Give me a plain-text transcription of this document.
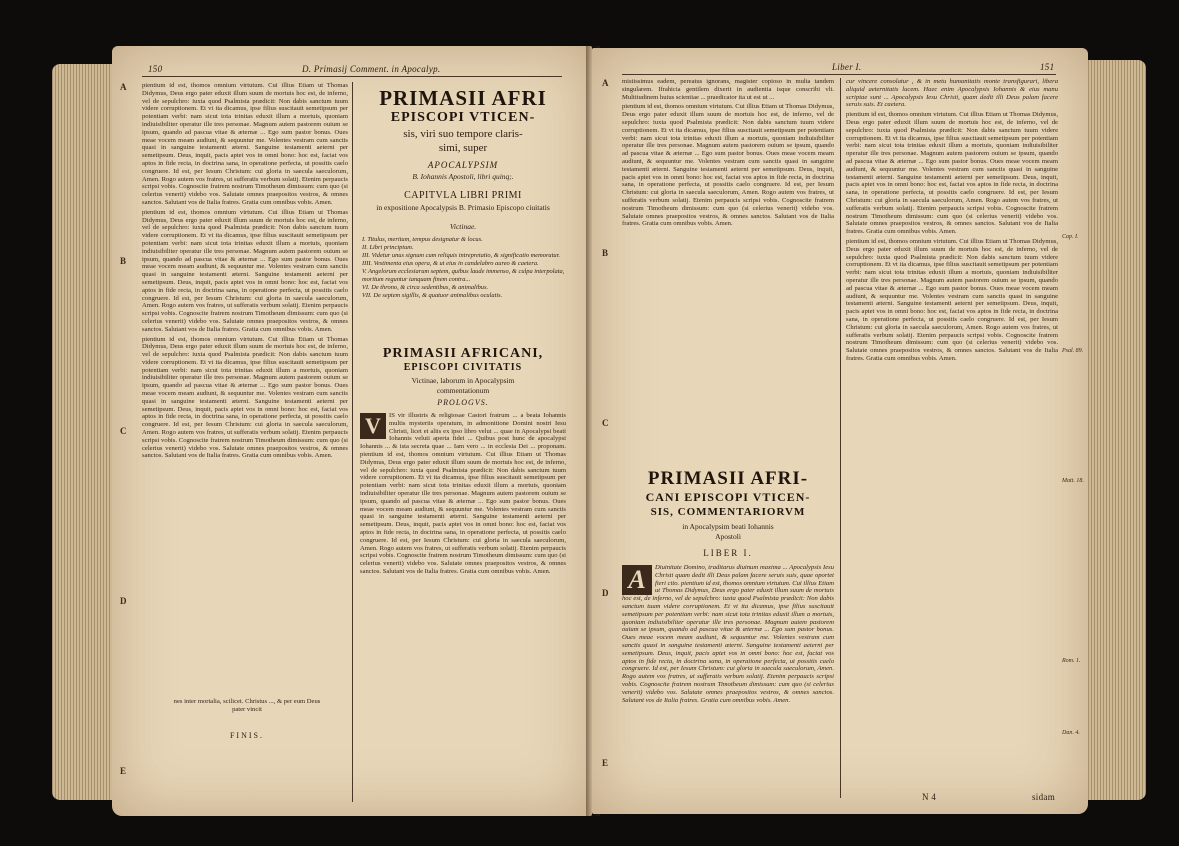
150	D. Primasij Comment. in Apocalyp.
A
B
C
D
E

pientium id est, thomos omnium virtutum. Cui illius Etiam ut Thomas Didymus, Deus ergo pater eduxit illum suum de mortuis hoc est, de inferno, vel de sepulchro: iuxta quod Psalmista prædicit: Non dabis sanctum tuum videre corruptionem. Et vt ita dicamus, ipse filius suscitauit semetipsum per potentiam verbi: nam sicut tota trinitas eduxit illum a mortuis, quoniam indiuisibiliter operatur ille tres personae. Magnum autem pastorem ouium se ipsum, quando ad pascua vitae & æternæ ... Ego sum pastor bonus. Oues meae vocem meam audiunt, & sequuntur me. Volentes vestram cum sanctis quasi in sanguine testamenti æterni. Sanguine testamenti aeterni per semetipsum. Deus, inquit, pacis aptet vos in omni bono: hoc est, faciat vos aptos in fide recta, in doctrina sana, in operatione perfecta, ut possitis caelo congruere. Id est, per Iesum Christum: cui gloria in saecula saeculorum, Amen. Rogo autem vos fratres, ut sufferatis verbum solatij. Etenim perpaucis scripsi vobis. Cognoscite fratrem nostrum Timotheum dimissum: cum quo (si celerius venerit) videbo vos. Salutate omnes praepositos vestros, & omnes sanctos. Salutant vos de Italia fratres. Gratia cum omnibus vobis. Amen.

pientium id est, thomos omnium virtutum. Cui illius Etiam ut Thomas Didymus, Deus ergo pater eduxit illum suum de mortuis hoc est, de inferno, vel de sepulchro: iuxta quod Psalmista prædicit: Non dabis sanctum tuum videre corruptionem. Et vt ita dicamus, ipse filius suscitauit semetipsum per potentiam verbi: nam sicut tota trinitas eduxit illum a mortuis, quoniam indiuisibiliter operatur ille tres personae. Magnum autem pastorem ouium se ipsum, quando ad pascua vitae & æternæ ... Ego sum pastor bonus. Oues meae vocem meam audiunt, & sequuntur me. Volentes vestram cum sanctis quasi in sanguine testamenti æterni. Sanguine testamenti aeterni per semetipsum. Deus, inquit, pacis aptet vos in omni bono: hoc est, faciat vos aptos in fide recta, in doctrina sana, in operatione perfecta, ut possitis caelo congruere. Id est, per Iesum Christum: cui gloria in saecula saeculorum, Amen. Rogo autem vos fratres, ut sufferatis verbum solatij. Etenim perpaucis scripsi vobis. Cognoscite fratrem nostrum Timotheum dimissum: cum quo (si celerius venerit) videbo vos. Salutate omnes praepositos vestros, & omnes sanctos. Salutant vos de Italia fratres. Gratia cum omnibus vobis. Amen.

pientium id est, thomos omnium virtutum. Cui illius Etiam ut Thomas Didymus, Deus ergo pater eduxit illum suum de mortuis hoc est, de inferno, vel de sepulchro: iuxta quod Psalmista prædicit: Non dabis sanctum tuum videre corruptionem. Et vt ita dicamus, ipse filius suscitauit semetipsum per potentiam verbi: nam sicut tota trinitas eduxit illum a mortuis, quoniam indiuisibiliter operatur ille tres personae. Magnum autem pastorem ouium se ipsum, quando ad pascua vitae & æternæ ... Ego sum pastor bonus. Oues meae vocem meam audiunt, & sequuntur me. Volentes vestram cum sanctis quasi in sanguine testamenti æterni. Sanguine testamenti aeterni per semetipsum. Deus, inquit, pacis aptet vos in omni bono: hoc est, faciat vos aptos in fide recta, in doctrina sana, in operatione perfecta, ut possitis caelo congruere. Id est, per Iesum Christum: cui gloria in saecula saeculorum, Amen. Rogo autem vos fratres, ut sufferatis verbum solatij. Etenim perpaucis scripsi vobis. Cognoscite fratrem nostrum Timotheum dimissum: cum quo (si celerius venerit) videbo vos. Salutate omnes praepositos vestros, & omnes sanctos. Salutant vos de Italia fratres. Gratia cum omnibus vobis. Amen.

nes inter mortalia, scilicet. Christus ..., & per eum Deus pater vincit
FINIS.
PRIMASII AFRI
EPISCOPI VTICEN-
sis, viri suo tempore claris-
simi, super
APOCALYPSIM
B. Iohannis Apostoli, libri quinq;.
CAPITVLA LIBRI PRIMI
in expositione Apocalypsis B. Primasio Episcopo ciuitatis
Victinae.
I. Titulus, meritum, tempus designatur & locus.
II. Libri principium.
III. Videtur unus signum cum reliquis intrepretatio, & significatio memoratur.
IIII. Vestimenta eius opera, & ut eius in candelabro aureo & caetera.
V. Angelorum ecclesiarum septem, quibus laude immenso, & culpa interpolata, moritum reguntur tanquam finem contra...
VI. De throno, & circa sedentibus, & animalibus.
VII. De septem sigillis, & quatuor animalibus oculatis.
PRIMASII AFRICANI,
EPISCOPI CIVITATIS
Victinae, laborum in Apocalypsim
commentationum
PROLOGVS.
V	IS vir illustris & religiosae Castori fratrum ... a beata Iohannis multis mysteriis operatum, in admonitione Domini nostri Iesu Christi, licet et aliis ex ipso libro velut ... quae in Apocalypsi beati Iohannis veluti aperta fidei ... Quibus post hunc de apocalypsi Iohannis ... & ista secreta quae ... Iam vero ... in ecclesia Dei ... proponam. pientium id est, thomos omnium virtutum. Cui illius Etiam ut Thomas Didymus, Deus ergo pater eduxit illum suum de mortuis hoc est, de inferno, vel de sepulchro: iuxta quod Psalmista prædicit: Non dabis sanctum tuum videre corruptionem. Et vt ita dicamus, ipse filius suscitauit semetipsum per potentiam verbi: nam sicut tota trinitas eduxit illum a mortuis, quoniam indiuisibiliter operatur ille tres personae. Magnum autem pastorem ouium se ipsum, quando ad pascua vitae & æternæ ... Ego sum pastor bonus. Oues meae vocem meam audiunt, & sequuntur me. Volentes vestram cum sanctis quasi in sanguine testamenti æterni. Sanguine testamenti aeterni per semetipsum. Deus, inquit, pacis aptet vos in omni bono: hoc est, faciat vos aptos in fide recta, in doctrina sana, in operatione perfecta, ut possitis caelo congruere. Id est, per Iesum Christum: cui gloria in saecula saeculorum, Amen. Rogo autem vos fratres, ut sufferatis verbum solatij. Etenim perpaucis scripsi vobis. Cognoscite fratrem nostrum Timotheum dimissum: cum quo (si celerius venerit) videbo vos. Salutate omnes praepositos vestros, & omnes sanctos. Salutant vos de Italia fratres. Gratia cum omnibus vobis. Amen.
Liber I.	151
A
B
C
D
E
Cap. I.
Psal. 89.
Matt. 18.
Rom. 1.
Dan. 4.

mistissimus eadem, pereatus ignorans, magister copioso in multa tandem singularem. Ifrahicia gentilem dixerit in audientia isque conscribi vlt. Multitudinem huius scientiae ... praedicator ita ut est ut ...

pientium id est, thomos omnium virtutum. Cui illius Etiam ut Thomas Didymus, Deus ergo pater eduxit illum suum de mortuis hoc est, de inferno, vel de sepulchro: iuxta quod Psalmista prædicit: Non dabis sanctum tuum videre corruptionem. Et vt ita dicamus, ipse filius suscitauit semetipsum per potentiam verbi: nam sicut tota trinitas eduxit illum a mortuis, quoniam indiuisibiliter operatur ille tres personae. Magnum autem pastorem ouium se ipsum, quando ad pascua vitae & æternæ ... Ego sum pastor bonus. Oues meae vocem meam audiunt, & sequuntur me. Volentes vestram cum sanctis quasi in sanguine testamenti æterni. Sanguine testamenti aeterni per semetipsum. Deus, inquit, pacis aptet vos in omni bono: hoc est, faciat vos aptos in fide recta, in doctrina sana, in operatione perfecta, ut possitis caelo congruere. Id est, per Iesum Christum: cui gloria in saecula saeculorum, Amen. Rogo autem vos fratres, ut sufferatis verbum solatij. Etenim perpaucis scripsi vobis. Cognoscite fratrem nostrum Timotheum dimissum: cum quo (si celerius venerit) videbo vos. Salutate omnes praepositos vestros, & omnes sanctos. Salutant vos de Italia fratres. Gratia cum omnibus vobis. Amen.

PRIMASII AFRI-
CANI EPISCOPI VTICEN-
SIS, COMMENTARIORVM
in Apocalypsim beati Iohannis
Apostoli
LIBER I.
A	Diuinitate Domino, traditarus diuinum maxima ... Apocalypsis Iesu Christi quam dedit illi Deus palam facere seruis suis, quae oportet fieri cito. pientium id est, thomos omnium virtutum. Cui illius Etiam ut Thomas Didymus, Deus ergo pater eduxit illum suum de mortuis hoc est, de inferno, vel de sepulchro: iuxta quod Psalmista prædicit: Non dabis sanctum tuum videre corruptionem. Et vt ita dicamus, ipse filius suscitauit semetipsum per potentiam verbi: nam sicut tota trinitas eduxit illum a mortuis, quoniam indiuisibiliter operatur ille tres personae. Magnum autem pastorem ouium se ipsum, quando ad pascua vitae & æternæ ... Ego sum pastor bonus. Oues meae vocem meam audiunt, & sequuntur me. Volentes vestram cum sanctis quasi in sanguine testamenti æterni. Sanguine testamenti aeterni per semetipsum. Deus, inquit, pacis aptet vos in omni bono: hoc est, faciat vos aptos in fide recta, in doctrina sana, in operatione perfecta, ut possitis caelo congruere. Id est, per Iesum Christum: cui gloria in saecula saeculorum, Amen. Rogo autem vos fratres, ut sufferatis verbum solatij. Etenim perpaucis scripsi vobis. Cognoscite fratrem nostrum Timotheum dimissum: cum quo (si celerius venerit) videbo vos. Salutate omnes praepositos vestros, & omnes sanctos. Salutant vos de Italia fratres. Gratia cum omnibus vobis. Amen.

cur vincere consolatur , & in metu humanitatis monte transfigurari, libera aliquid aeternitatis lucem. Haec enim Apocalypsis Iohannis & eius manu scriptae sunt ... Apocalypsis Iesu Christi, quam dedit illi Deus palam facere seruis suis. Et caetera.

pientium id est, thomos omnium virtutum. Cui illius Etiam ut Thomas Didymus, Deus ergo pater eduxit illum suum de mortuis hoc est, de inferno, vel de sepulchro: iuxta quod Psalmista prædicit: Non dabis sanctum tuum videre corruptionem. Et vt ita dicamus, ipse filius suscitauit semetipsum per potentiam verbi: nam sicut tota trinitas eduxit illum a mortuis, quoniam indiuisibiliter operatur ille tres personae. Magnum autem pastorem ouium se ipsum, quando ad pascua vitae & æternæ ... Ego sum pastor bonus. Oues meae vocem meam audiunt, & sequuntur me. Volentes vestram cum sanctis quasi in sanguine testamenti æterni. Sanguine testamenti aeterni per semetipsum. Deus, inquit, pacis aptet vos in omni bono: hoc est, faciat vos aptos in fide recta, in doctrina sana, in operatione perfecta, ut possitis caelo congruere. Id est, per Iesum Christum: cui gloria in saecula saeculorum, Amen. Rogo autem vos fratres, ut sufferatis verbum solatij. Etenim perpaucis scripsi vobis. Cognoscite fratrem nostrum Timotheum dimissum: cum quo (si celerius venerit) videbo vos. Salutate omnes praepositos vestros, & omnes sanctos. Salutant vos de Italia fratres. Gratia cum omnibus vobis. Amen.

pientium id est, thomos omnium virtutum. Cui illius Etiam ut Thomas Didymus, Deus ergo pater eduxit illum suum de mortuis hoc est, de inferno, vel de sepulchro: iuxta quod Psalmista prædicit: Non dabis sanctum tuum videre corruptionem. Et vt ita dicamus, ipse filius suscitauit semetipsum per potentiam verbi: nam sicut tota trinitas eduxit illum a mortuis, quoniam indiuisibiliter operatur ille tres personae. Magnum autem pastorem ouium se ipsum, quando ad pascua vitae & æternæ ... Ego sum pastor bonus. Oues meae vocem meam audiunt, & sequuntur me. Volentes vestram cum sanctis quasi in sanguine testamenti æterni. Sanguine testamenti aeterni per semetipsum. Deus, inquit, pacis aptet vos in omni bono: hoc est, faciat vos aptos in fide recta, in doctrina sana, in operatione perfecta, ut possitis caelo congruere. Id est, per Iesum Christum: cui gloria in saecula saeculorum, Amen. Rogo autem vos fratres, ut sufferatis verbum solatij. Etenim perpaucis scripsi vobis. Cognoscite fratrem nostrum Timotheum dimissum: cum quo (si celerius venerit) videbo vos. Salutate omnes praepositos vestros, & omnes sanctos. Salutant vos de Italia fratres. Gratia cum omnibus vobis. Amen.

N 4	sidam
